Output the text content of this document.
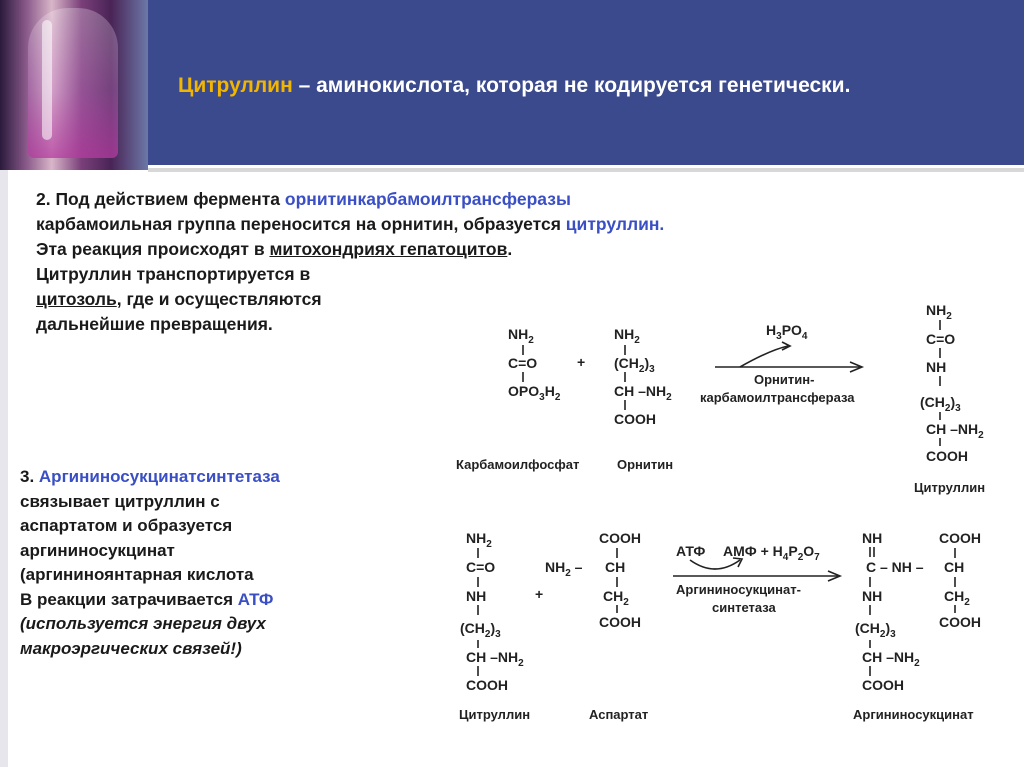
Цитруллин – аминокислота, которая не кодируется генетически.
2. Под действием фермента орнитинкарбамоилтрансферазы
карбамоильная группа переносится на орнитин, образуется цитруллин.
Эта реакция происходят в митохондриях гепатоцитов.
Цитруллин транспортируется в
цитозоль, где и осуществляются
дальнейшие превращения.
3. Аргининосукцинатсинтетаза
связывает цитруллин с
аспартатом и образуется
аргининосукцинат
(аргининоянтарная кислота
В реакции затрачивается АТФ
(используется энергия двух
макроэргических связей!)
$NH_2$
C=O
$OPO_3H_2$
+
$NH_2$
$(CH_2)_3$
CH $-NH_2$
COOH
$H_3PO_4$
Орнитин-
карбамоилтрансфераза
$NH_2$
C=O
NH
$(CH_2)_3$
CH $-NH_2$
COOH
Карбамоилфосфат	Орнитин
Цитруллин
$NH_2$
C=O
NH
$(CH_2)_3$
CH $-NH_2$
COOH
+
COOH
$NH_2$ – CH
$CH_2$
COOH
АТФ АМФ + $H_4P_2O_7$
Аргининосукцинат-
синтетаза
NH
C – NH – CH
COOH
NH	$CH_2$
COOH
$(CH_2)_3$
CH $-NH_2$
COOH
Цитруллин	Аспартат	Аргининосукцинат
